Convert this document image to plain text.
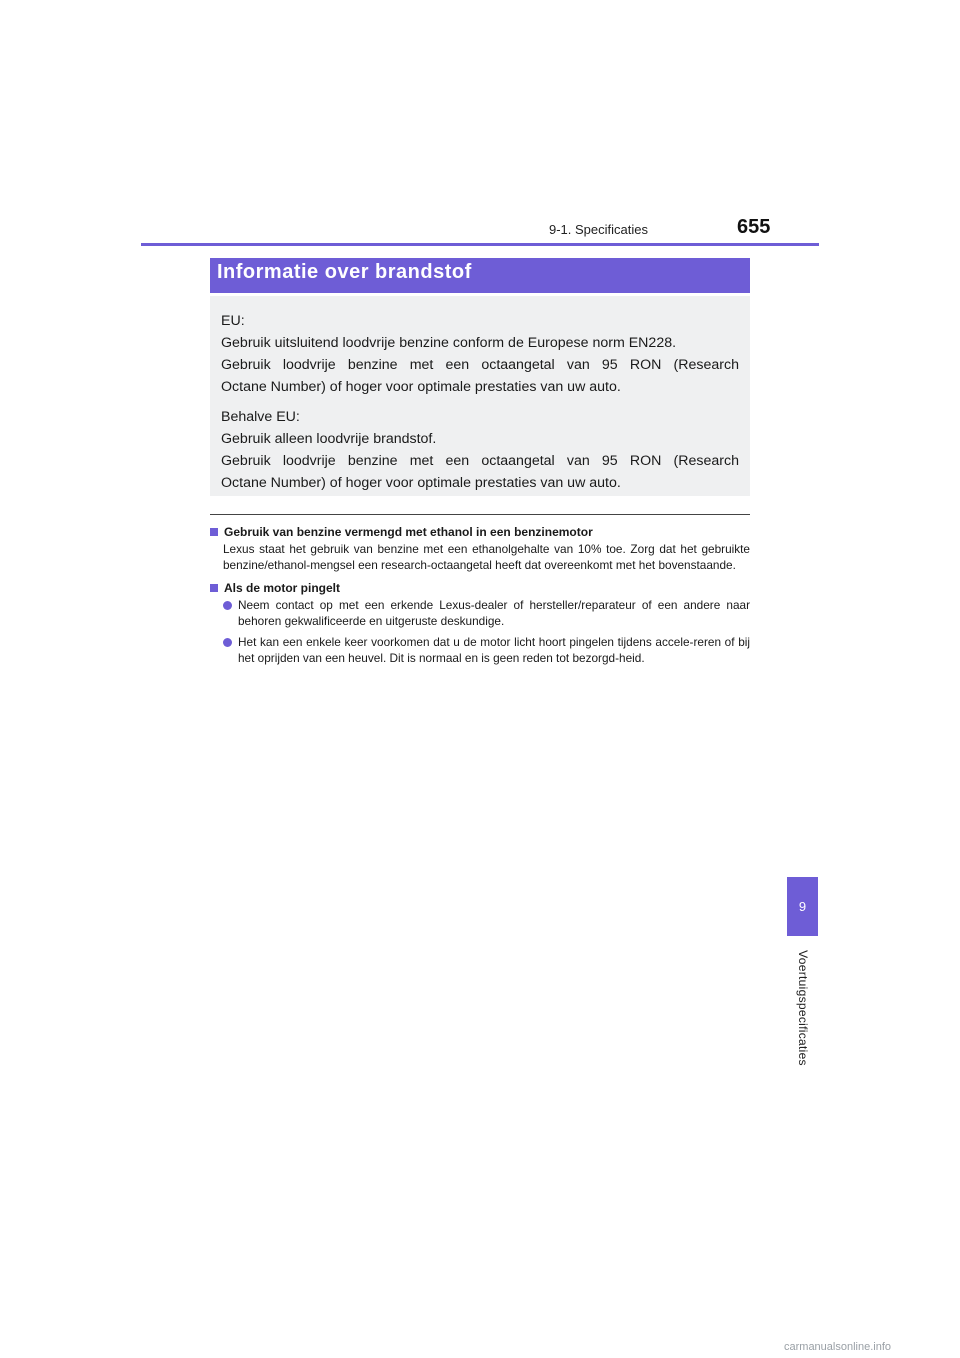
9-1. Specificaties	655
Informatie over brandstof

EU:

Gebruik uitsluitend loodvrije benzine conform de Europese norm EN228.

Gebruik loodvrije benzine met een octaangetal van 95 RON (Research

Octane Number) of hoger voor optimale prestaties van uw auto.

Behalve EU:

Gebruik alleen loodvrije brandstof.

Gebruik loodvrije benzine met een octaangetal van 95 RON (Research

Octane Number) of hoger voor optimale prestaties van uw auto.

Gebruik van benzine vermengd met ethanol in een benzinemotor

Lexus staat het gebruik van benzine met een ethanolgehalte van 10% toe. Zorg dat het gebruikte benzine/ethanol-mengsel een research-octaangetal heeft dat overeenkomt met het bovenstaande.

Als de motor pingelt
Neem contact op met een erkende Lexus-dealer of hersteller/reparateur of een andere naar behoren gekwalificeerde en uitgeruste deskundige.
Het kan een enkele keer voorkomen dat u de motor licht hoort pingelen tijdens accele-reren of bij het oprijden van een heuvel. Dit is normaal en is geen reden tot bezorgd-heid.
9
Voertuigspecificaties
carmanualsonline.info
